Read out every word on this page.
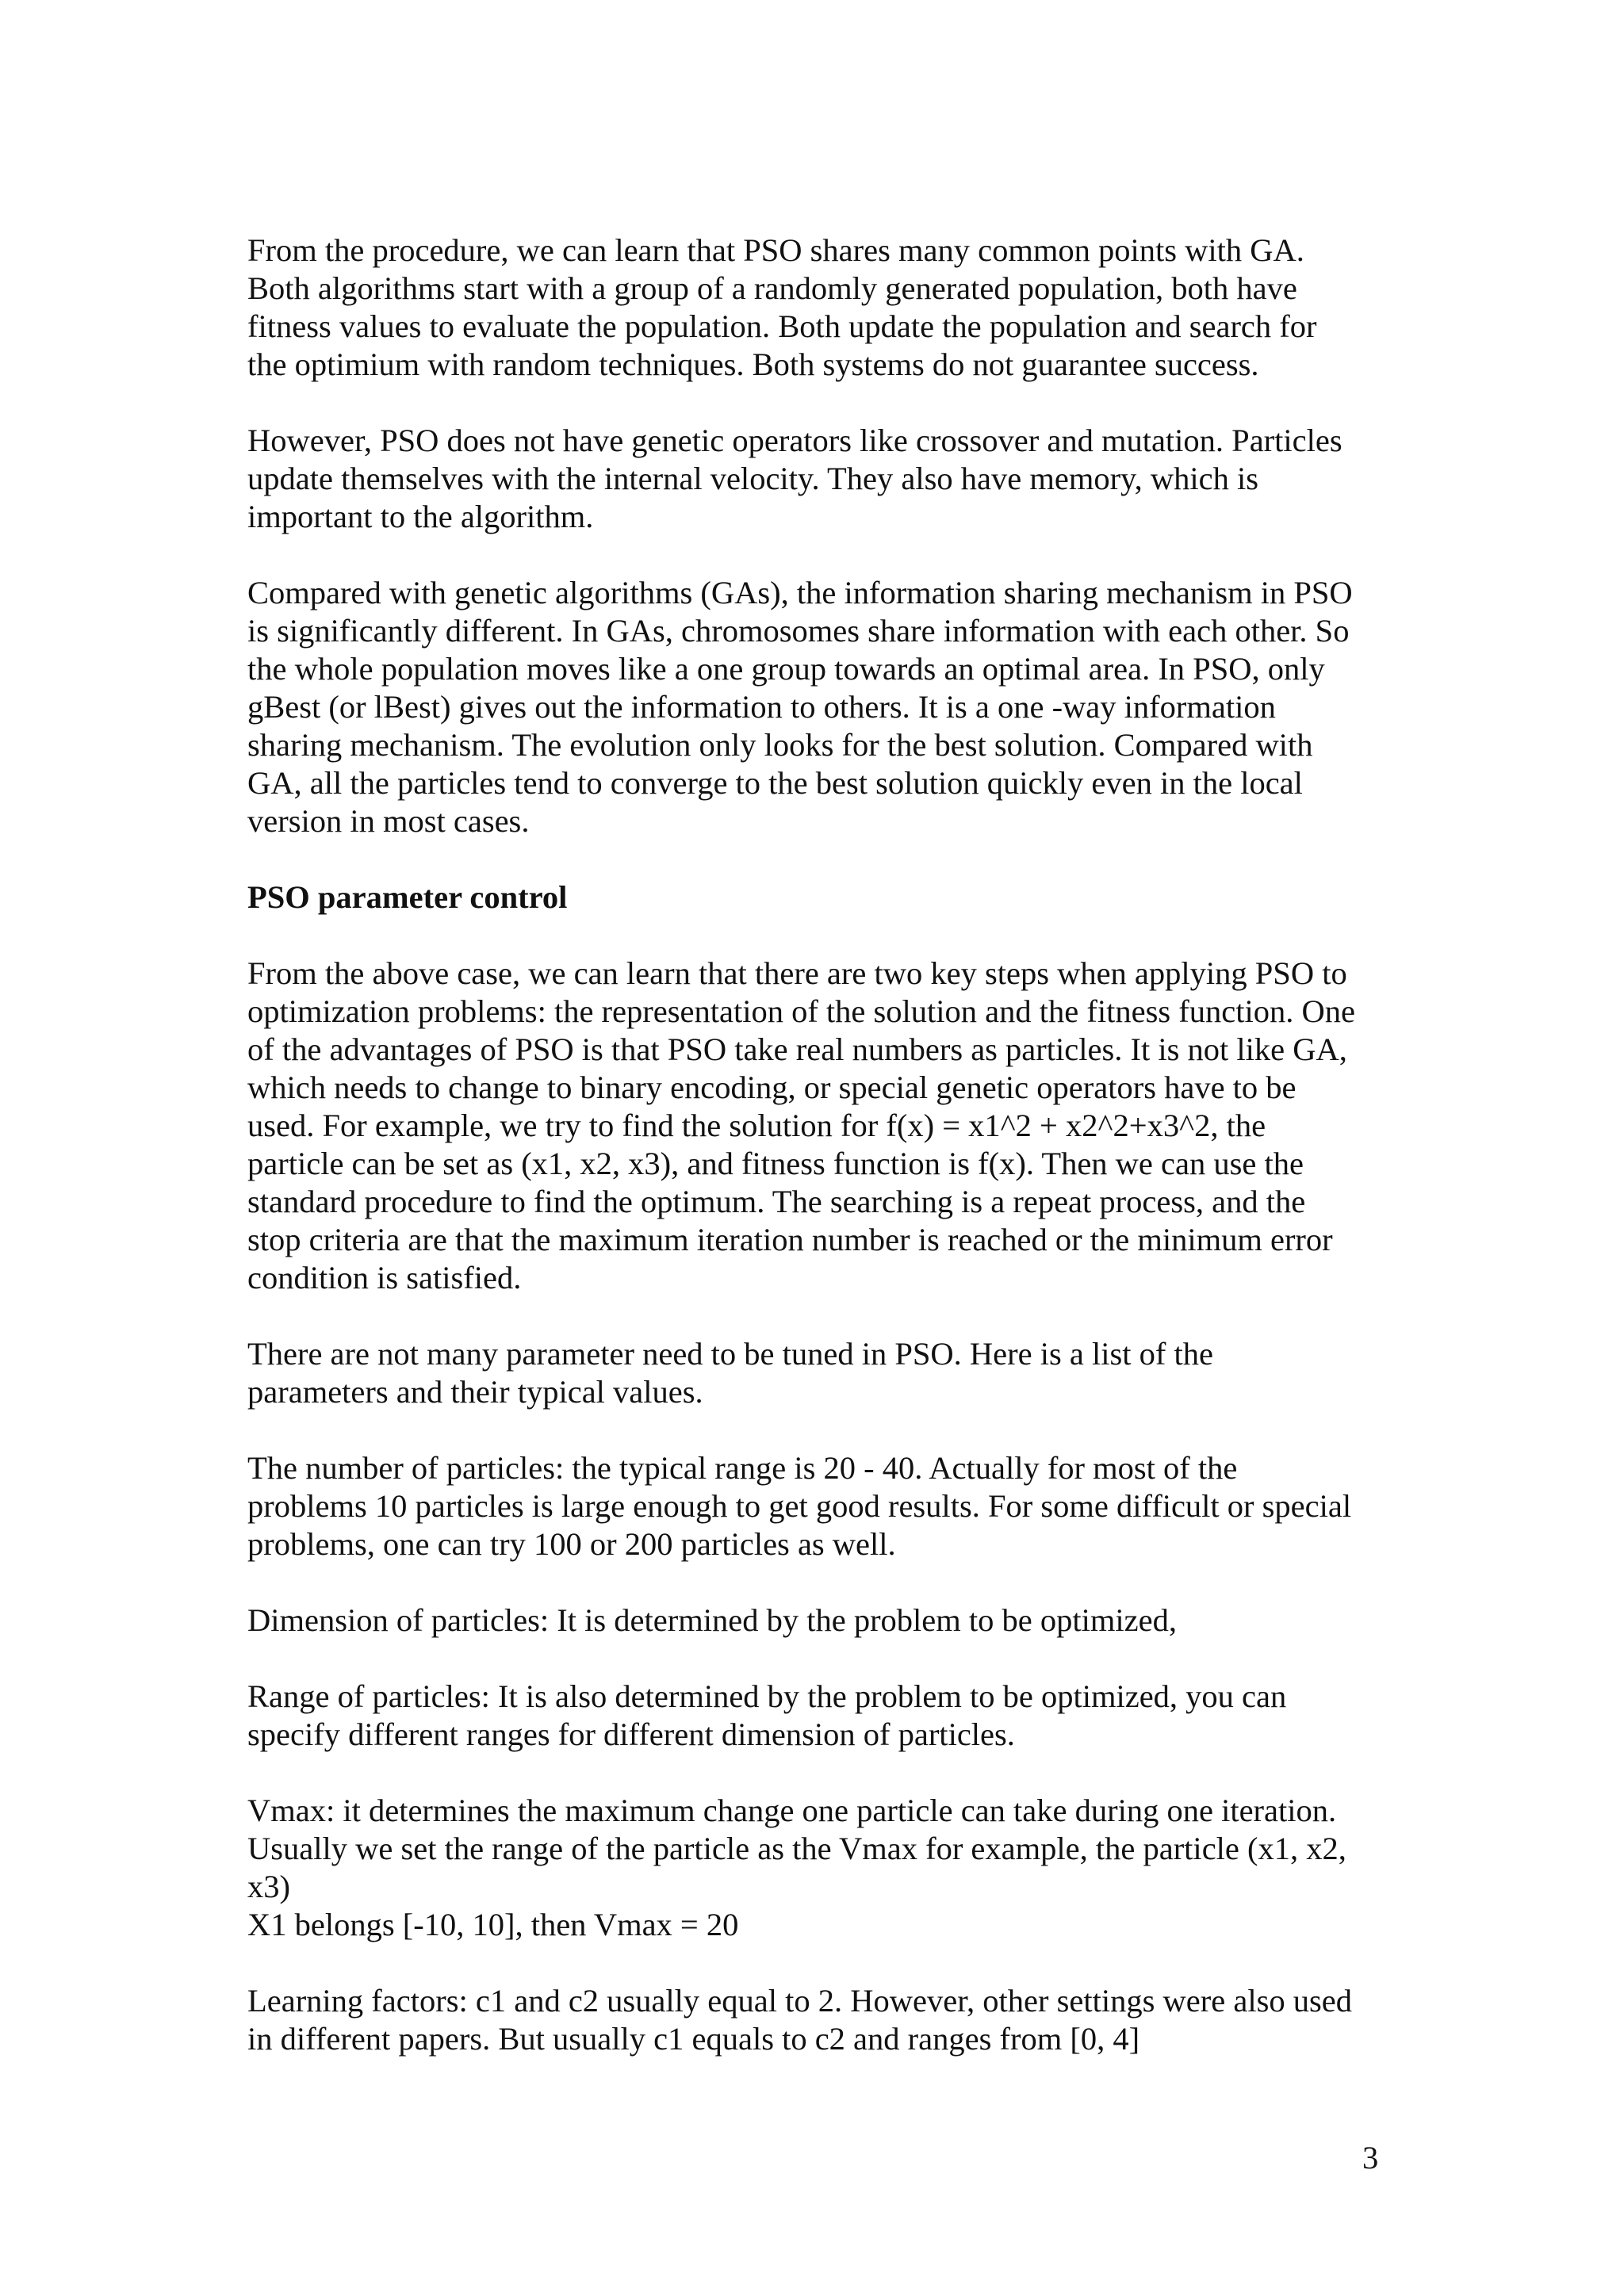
From the procedure, we can learn that PSO shares many common points with GA.
Both algorithms start with a group of a randomly generated population, both have
fitness values to evaluate the population. Both update the population and search for
the optimium with random techniques. Both systems do not guarantee success.

However, PSO does not have genetic operators like crossover and mutation. Particles
update themselves with the internal velocity. They also have memory, which is
important to the algorithm.

Compared with genetic algorithms (GAs), the information sharing mechanism in PSO
is significantly different. In GAs, chromosomes share information with each other. So
the whole population moves like a one group towards an optimal area. In PSO, only
gBest (or lBest) gives out the information to others. It is a one -way information
sharing mechanism. The evolution only looks for the best solution. Compared with
GA, all the particles tend to converge to the best solution quickly even in the local
version in most cases.

PSO parameter control

From the above case, we can learn that there are two key steps when applying PSO to
optimization problems: the representation of the solution and the fitness function. One
of the advantages of PSO is that PSO take real numbers as particles. It is not like GA,
which needs to change to binary encoding, or special genetic operators have to be
used. For example, we try to find the solution for f(x) = x1^2 + x2^2+x3^2, the
particle can be set as (x1, x2, x3), and fitness function is f(x). Then we can use the
standard procedure to find the optimum. The searching is a repeat process, and the
stop criteria are that the maximum iteration number is reached or the minimum error
condition is satisfied.

There are not many parameter need to be tuned in PSO. Here is a list of the
parameters and their typical values.

The number of particles: the typical range is 20 - 40. Actually for most of the
problems 10 particles is large enough to get good results. For some difficult or special
problems, one can try 100 or 200 particles as well.

Dimension of particles: It is determined by the problem to be optimized,

Range of particles: It is also determined by the problem to be optimized, you can
specify different ranges for different dimension of particles.

Vmax: it determines the maximum change one particle can take during one iteration.
Usually we set the range of the particle as the Vmax for example, the particle (x1, x2,
x3)
X1 belongs [-10, 10], then Vmax = 20

Learning factors: c1 and c2 usually equal to 2. However, other settings were also used
in different papers. But usually c1 equals to c2 and ranges from [0, 4]

3
